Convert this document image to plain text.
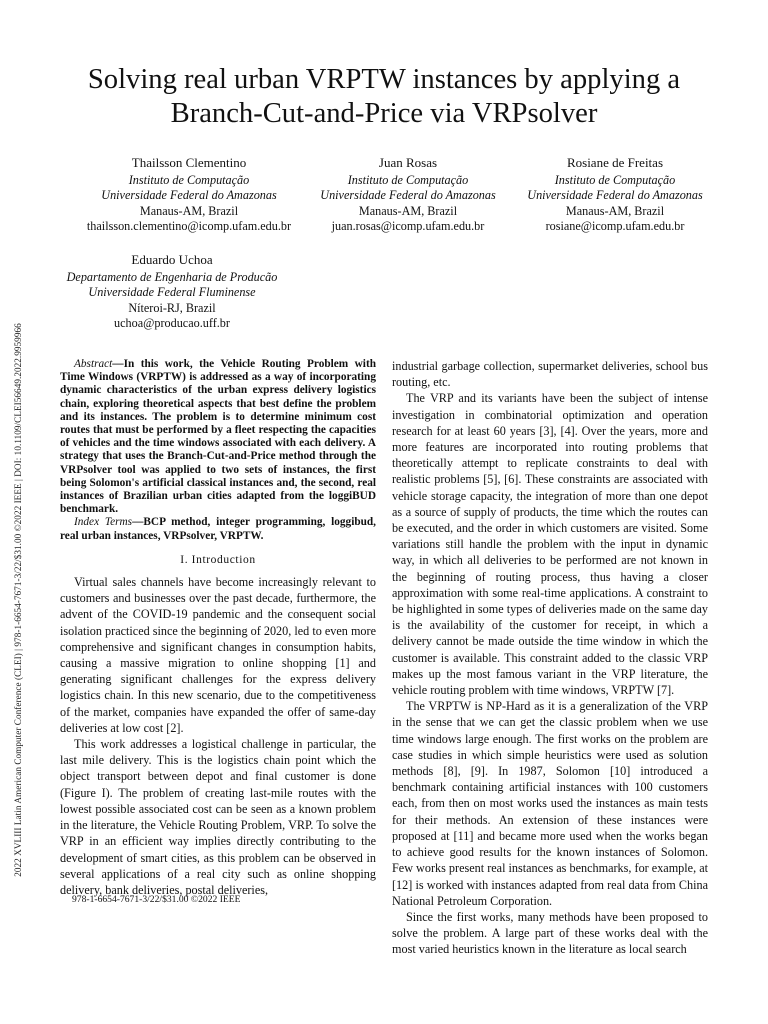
2022 XVLIII Latin American Computer Conference (CLEI) | 978-1-6654-7671-3/22/$31.00 ©2022 IEEE | DOI: 10.1109/CLEI56649.2022.9959966
Solving real urban VRPTW instances by applying a
Branch-Cut-and-Price via VRPsolver
Thailsson Clementino
Instituto de Computação
Universidade Federal do Amazonas
Manaus-AM, Brazil
thailsson.clementino@icomp.ufam.edu.br
Juan Rosas
Instituto de Computação
Universidade Federal do Amazonas
Manaus-AM, Brazil
juan.rosas@icomp.ufam.edu.br
Rosiane de Freitas
Instituto de Computação
Universidade Federal do Amazonas
Manaus-AM, Brazil
rosiane@icomp.ufam.edu.br
Eduardo Uchoa
Departamento de Engenharia de Producão
Universidade Federal Fluminense
Níteroi-RJ, Brazil
uchoa@producao.uff.br

Abstract—In this work, the Vehicle Routing Problem with Time Windows (VRPTW) is addressed as a way of incorporating dynamic characteristics of the urban express delivery logistics chain, exploring theoretical aspects that best define the problem and its instances. The problem is to determine minimum cost routes that must be performed by a fleet respecting the capacities of vehicles and the time windows associated with each delivery. A strategy that uses the Branch-Cut-and-Price method through the VRPsolver tool was applied to two sets of instances, the first being Solomon's artificial classical instances and, the second, real instances of Brazilian urban cities adapted from the loggiBUD benchmark.

Index Terms—BCP method, integer programming, loggibud, real urban instances, VRPsolver, VRPTW.

I. Introduction

Virtual sales channels have become increasingly relevant to customers and businesses over the past decade, furthermore, the advent of the COVID-19 pandemic and the consequent social isolation practiced since the beginning of 2020, led to even more comprehensive and significant changes in consumption habits, causing a massive migration to online shopping [1] and generating significant challenges for the express delivery logistics chain. In this new scenario, due to the competitiveness of the market, companies have expanded the offer of same-day deliveries at low cost [2].

This work addresses a logistical challenge in particular, the last mile delivery. This is the logistics chain point which the object transport between depot and final customer is done (Figure I). The problem of creating last-mile routes with the lowest possible associated cost can be seen as a known problem in the literature, the Vehicle Routing Problem, VRP. To solve the VRP in an efficient way implies directly contributing to the development of smart cities, as this problem can be observed in several applications of a real city such as online shopping delivery, bank deliveries, postal deliveries,

industrial garbage collection, supermarket deliveries, school bus routing, etc.

The VRP and its variants have been the subject of intense investigation in combinatorial optimization and operation research for at least 60 years [3], [4]. Over the years, more and more features are incorporated into routing problems that theoretically attempt to replicate constraints to deal with realistic problems [5], [6]. These constraints are associated with vehicle storage capacity, the integration of more than one depot as a source of supply of products, the time which the routes can be executed, and the order in which customers are visited. Some variations still handle the problem with the input in dynamic way, in which all deliveries to be performed are not known in the beginning of routing process, thus having a closer approximation with some real-time applications. A constraint to be highlighted in some types of deliveries made on the same day is the availability of the customer for receipt, in which a delivery cannot be made outside the time window in which the customer is available. This constraint added to the classic VRP makes up the most famous variant in the VRP literature, the vehicle routing problem with time windows, VRPTW [7].

The VRPTW is NP-Hard as it is a generalization of the VRP in the sense that we can get the classic problem when we use time windows large enough. The first works on the problem are case studies in which simple heuristics were used as solution methods [8], [9]. In 1987, Solomon [10] introduced a benchmark containing artificial instances with 100 customers each, from then on most works used the instances as main tests for their methods. An extension of these instances were proposed at [11] and became more used when the works began to achieve good results for the known instances of Solomon. Few works present real instances as benchmarks, for example, at [12] is worked with instances adapted from real data from China National Petroleum Corporation.

Since the first works, many methods have been proposed to solve the problem. A large part of these works deal with the most varied heuristics known in the literature as local search

978-1-6654-7671-3/22/$31.00 ©2022 IEEE
